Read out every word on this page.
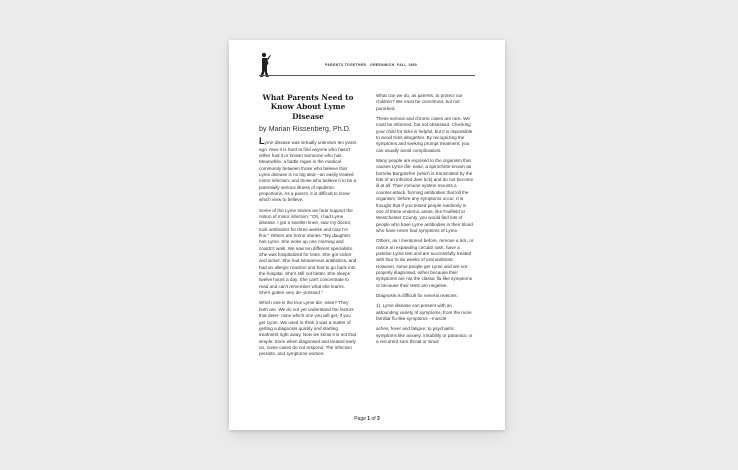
PARENTS TOGETHER . GREENWICH. FALL 1989
What Parents Need to Know About Lyme Disease
by Marian Rissenberg, Ph.D.

Lyme disease was virtually unknown ten years ago. Now it is hard to find anyone who hasn't either had it or known someone who has. Meanwhile, a battle rages in the medical community between those who believe that Lyme disease is no big deal --an easily treated minor infection; and those who believe it to be a potentially serious illness of epidemic proportions. As a parent, it is difficult to know which view to believe.

Some of the Lyme stories we hear support the notion of minor infection: "Oh, I had Lyme disease. I got a swollen knee, saw my doctor, took antibiotics for three weeks and now I'm fine." Others are horror stories: "My daughter has Lyme. She woke up one morning and couldn't walk. We saw ten different specialists. She was hospitalized for tests. She got sicker and sicker. She had intravenous antibiotics, and had an allergic reaction and had to go back into the hospital. She's still not better. She sleeps twelve hours a day. She can't concentrate to read and can't remember what she learns. She's gotten very de- pressed."

Which one is the true Lyme dis- ease? They both are. We do not yet understand the factors that deter- mine which one you will get, if you get Lyme. We used to think it was a matter of getting a diagnosis quickly and starting treatment right away. Now we know it is not that simple. Even when diagnosed and treated early on, some cases do not respond. The infection persists, and symptoms worsen.

What can we do, as parents, to protect our children? We must be concerned, but not panicked.

These serious and chronic cases are rare. We must be informed, but not obsessed. Checking your child for ticks is helpful, but it is impossible to avoid ticks altogether. By recognizing the symptoms and seeking prompt treatment, you can usually avoid complications.

Many people are exposed to the organism that causes Lyme dis- ease, a spirochete known as borrelia Burgdorferi (which is transmitted by the bite of an infected deer tick) and do not become ill at all. Their immune system mounts a counter-attack, forming antibodies that kill the organism, before any symptoms occur. It is thought that if you tested people randomly in one of these endemic areas, like Fairfield or Westchester County, you would find lots of people who have Lyme antibodies in their blood who have never had symptoms of Lyme.

Others, as I mentioned before, remove a tick, or notice an expanding circular rash, have a positive Lyme test and are successfully treated with four to six weeks of oral antibiotic. However, some people get Lyme and are not properly diagnosed, either because their symptoms are not the classic flu-like symptoms or because their tests are negative.

Diagnosis is difficult for several reasons:

1). Lyme disease can present with an astounding variety of symptoms, from the more familiar flu-like symptoms --muscle

aches, fever and fatigue; to psychiatric symptoms like anxiety, irritability or paranoia; or a recurrent sore throat or sinus

Page 1 of 3
